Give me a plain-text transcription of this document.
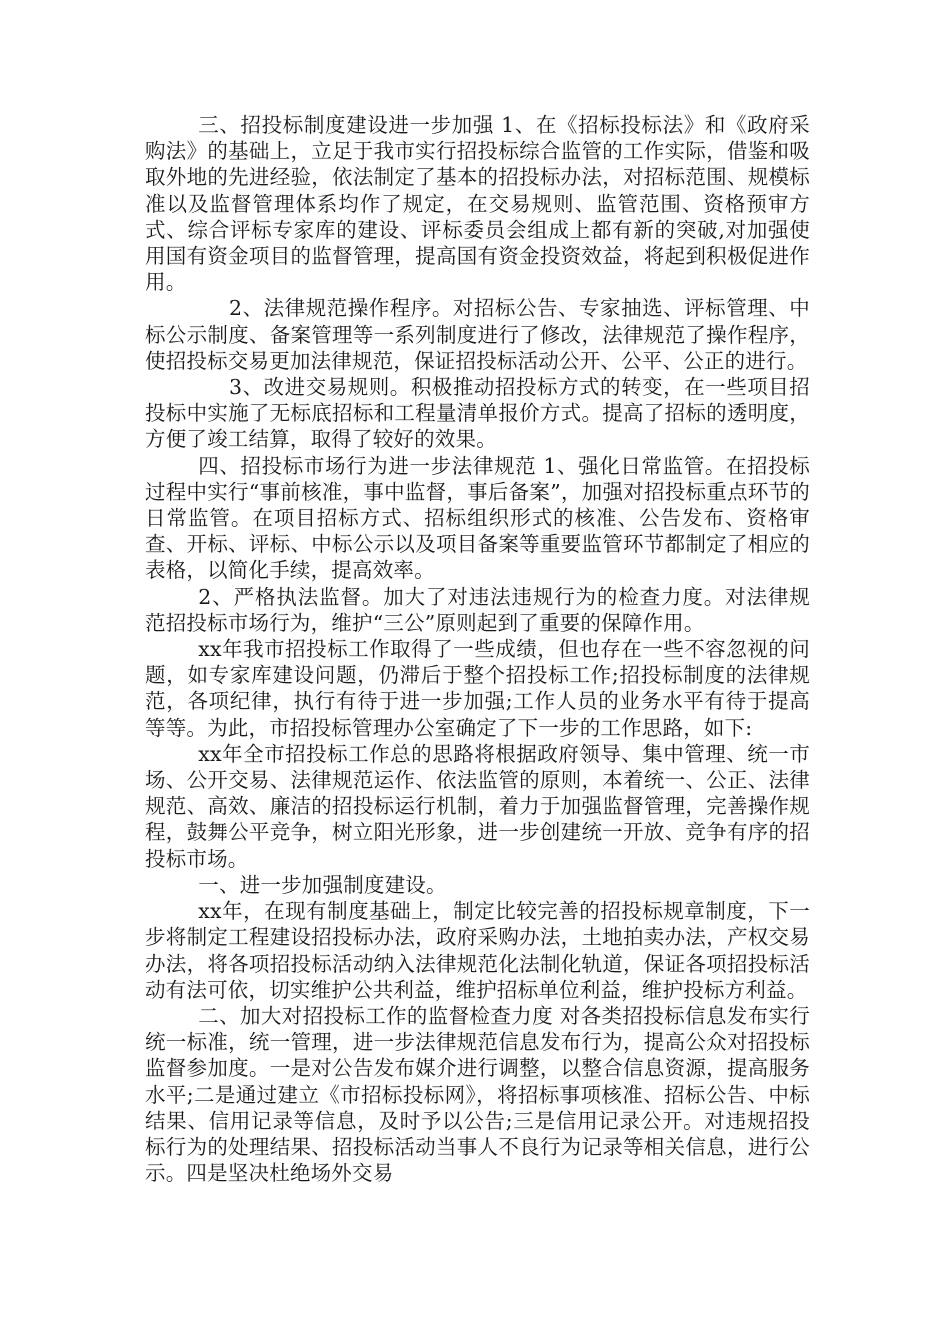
三、招投标制度建设进一步加强 1、在《招标投标法》和《政府采购法》的基础上，立足于我市实行招投标综合监管的工作实际，借鉴和吸取外地的先进经验，依法制定了基本的招投标办法，对招标范围、规模标准以及监督管理体系均作了规定，在交易规则、监管范围、资格预审方式、综合评标专家库的建设、评标委员会组成上都有新的突破,对加强使用国有资金项目的监督管理，提高国有资金投资效益，将起到积极促进作用。

2、法律规范操作程序。对招标公告、专家抽选、评标管理、中标公示制度、备案管理等一系列制度进行了修改，法律规范了操作程序，使招投标交易更加法律规范，保证招投标活动公开、公平、公正的进行。

3、改进交易规则。积极推动招投标方式的转变，在一些项目招投标中实施了无标底招标和工程量清单报价方式。提高了招标的透明度，方便了竣工结算，取得了较好的效果。

四、招投标市场行为进一步法律规范 1、强化日常监管。在招投标过程中实行“事前核准，事中监督，事后备案”，加强对招投标重点环节的日常监管。在项目招标方式、招标组织形式的核准、公告发布、资格审查、开标、评标、中标公示以及项目备案等重要监管环节都制定了相应的表格，以简化手续，提高效率。

2、严格执法监督。加大了对违法违规行为的检查力度。对法律规范招投标市场行为，维护“三公”原则起到了重要的保障作用。

xx年我市招投标工作取得了一些成绩，但也存在一些不容忽视的问题，如专家库建设问题，仍滞后于整个招投标工作;招投标制度的法律规范，各项纪律，执行有待于进一步加强;工作人员的业务水平有待于提高等等。为此，市招投标管理办公室确定了下一步的工作思路，如下:

xx年全市招投标工作总的思路将根据政府领导、集中管理、统一市场、公开交易、法律规范运作、依法监管的原则，本着统一、公正、法律规范、高效、廉洁的招投标运行机制，着力于加强监督管理，完善操作规程，鼓舞公平竞争，树立阳光形象，进一步创建统一开放、竞争有序的招投标市场。

一、进一步加强制度建设。

xx年，在现有制度基础上，制定比较完善的招投标规章制度，下一步将制定工程建设招投标办法，政府采购办法，土地拍卖办法，产权交易办法，将各项招投标活动纳入法律规范化法制化轨道，保证各项招投标活动有法可依，切实维护公共利益，维护招标单位利益，维护投标方利益。

二、加大对招投标工作的监督检查力度 对各类招投标信息发布实行统一标准，统一管理，进一步法律规范信息发布行为，提高公众对招投标监督参加度。一是对公告发布媒介进行调整，以整合信息资源，提高服务水平;二是通过建立《市招标投标网》，将招标事项核准、招标公告、中标结果、信用记录等信息，及时予以公告;三是信用记录公开。对违规招投标行为的处理结果、招投标活动当事人不良行为记录等相关信息，进行公示。四是坚决杜绝场外交易
